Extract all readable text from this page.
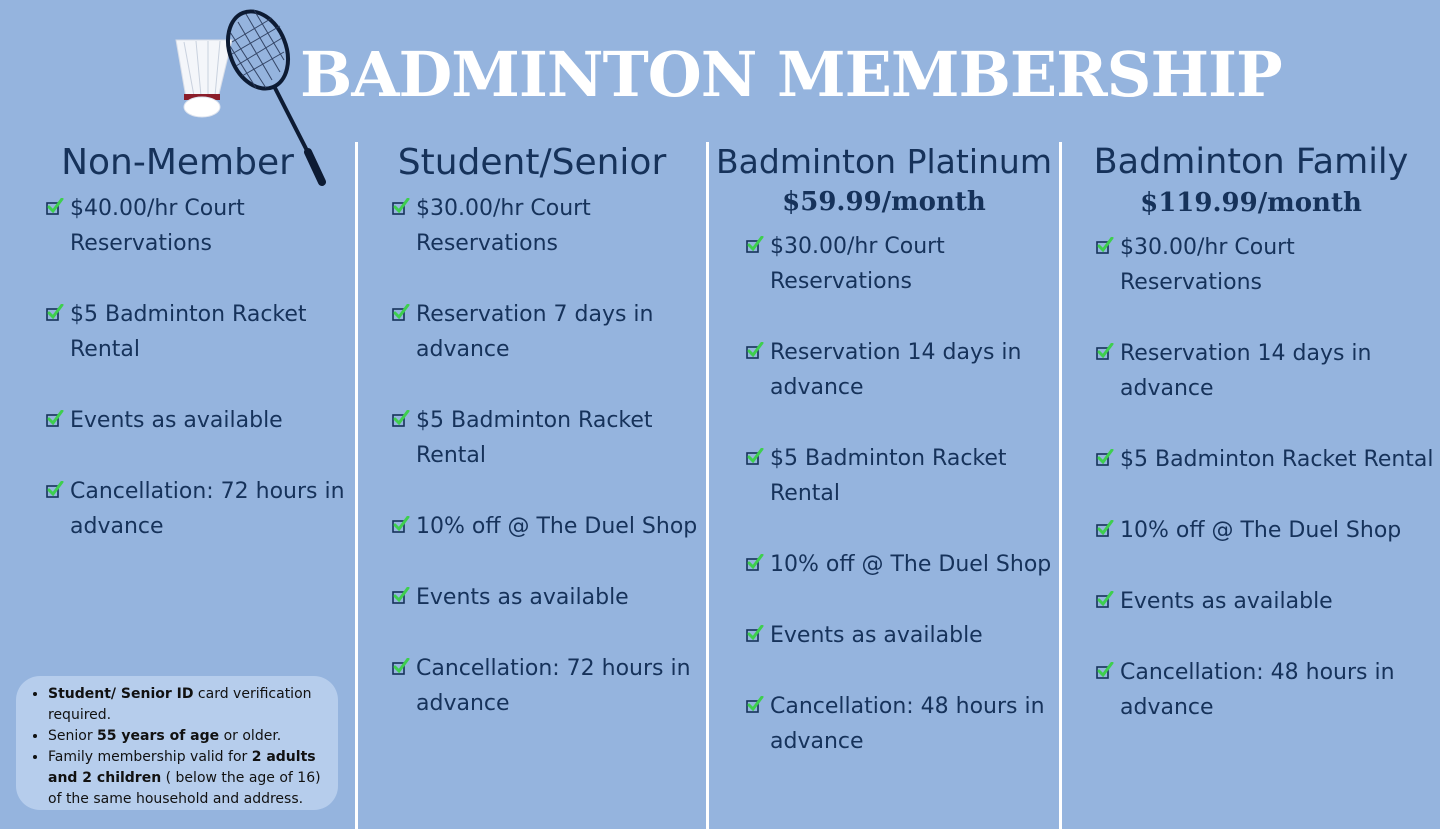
BADMINTON MEMBERSHIP
Non-Member
$40.00/hr Court Reservations
$5 Badminton Racket Rental
Events as available
Cancellation: 72 hours in advance
Student/Senior
$30.00/hr Court Reservations
Reservation 7 days in advance
$5 Badminton Racket Rental
10% off @ The Duel Shop
Events as available
Cancellation: 72 hours in advance
Badminton Platinum
$59.99/month
$30.00/hr Court Reservations
Reservation 14 days in advance
$5 Badminton Racket Rental
10% off @ The Duel Shop
Events as available
Cancellation: 48 hours in advance
Badminton Family
$119.99/month
$30.00/hr Court Reservations
Reservation 14 days in advance
$5 Badminton Racket Rental
10% off @ The Duel Shop
Events as available
Cancellation: 48 hours in advance
• Student/ Senior ID card verification required.
• Senior 55 years of age or older.
• Family membership valid for 2 adults and 2 children ( below the age of 16) of the same household and address.
